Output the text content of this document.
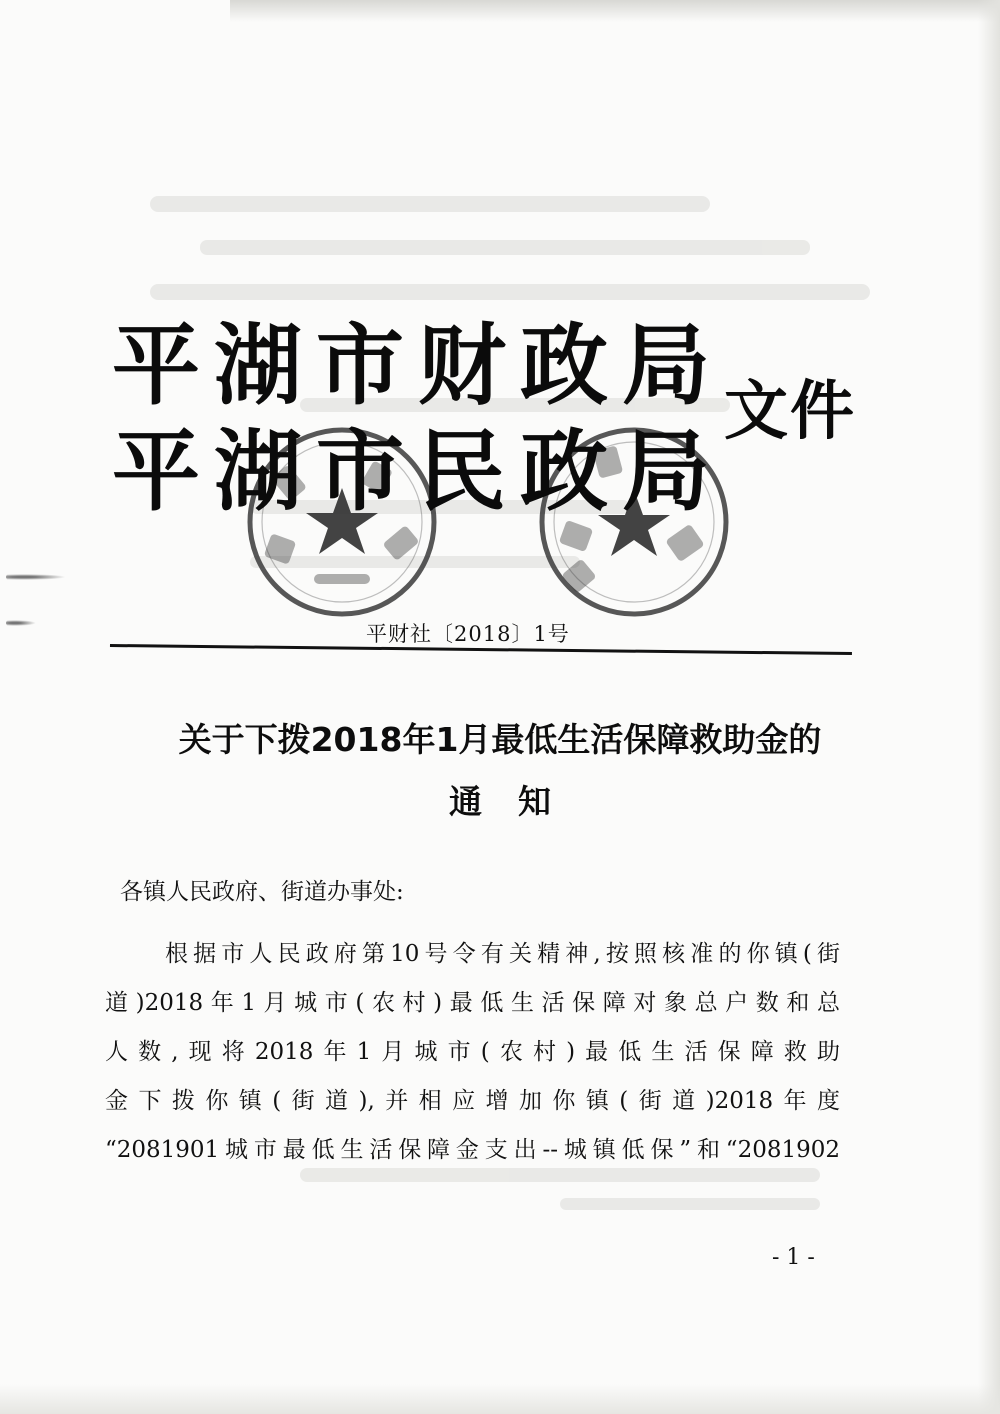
平湖市财政局
平湖市民政局
文件
平财社〔2018〕1号
关于下拨2018年1月最低生活保障救助金的
通知
各镇人民政府、街道办事处:
根据市人民政府第10号令有关精神,按照核准的你镇(街
道)2018年1月城市(农村)最低生活保障对象总户数和总
人数,现将2018年1月城市(农村)最低生活保障救助
金下拨你镇(街道),并相应增加你镇(街道)2018年度
“2081901城市最低生活保障金支出--城镇低保”和“2081902
- 1 -
